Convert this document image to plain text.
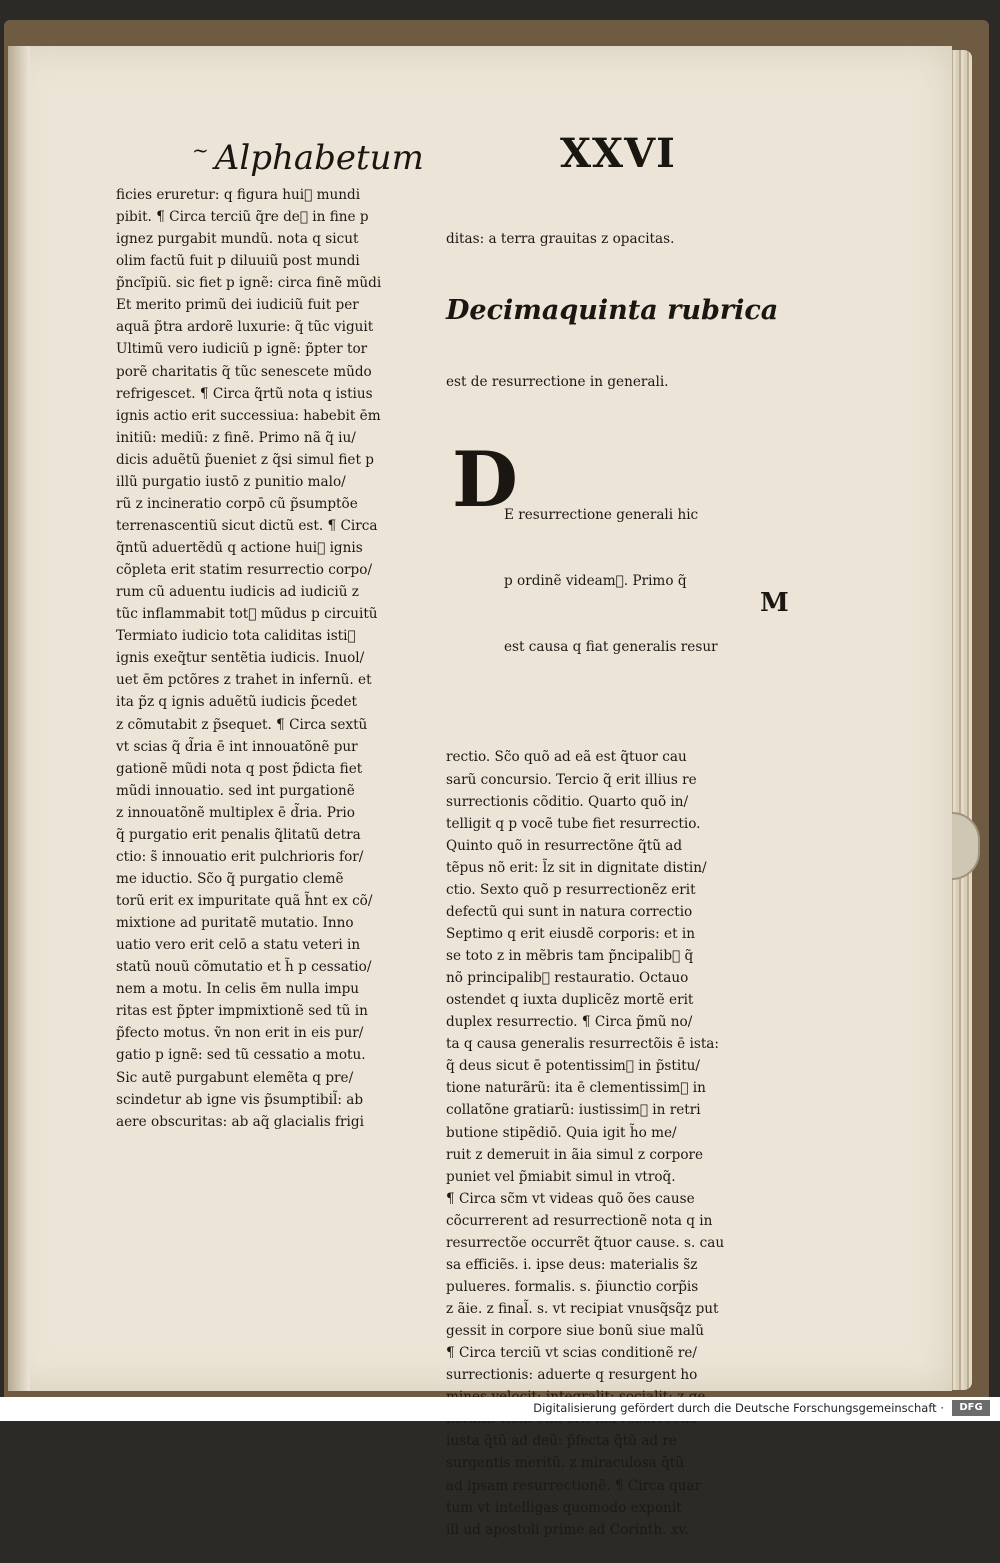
~ Alphabetum	XXVI
ficies eruretur: q figura hui᷒ mundi
pibit. ¶ Circa terciũ q̃re de᷒ in fine p
ignez purgabit mundũ. nota q sicut
olim factũ fuit p diluuiũ post mundi
p̃ncĩpiũ. sic fiet p ignẽ: circa finẽ mũdi
Et merito primũ dei iudiciũ fuit per
aquã p̃tra ardorẽ luxurie: q̃ tũc viguit
Ultimũ vero iudiciũ p ignẽ: p̃pter tor
porẽ charitatis q̃ tũc senescete mũdo
refrigescet. ¶ Circa q̃rtũ nota q istius
ignis actio erit successiua: habebit ēm
initiũ: mediũ: z finẽ. Primo nã q̃ iu/
dicis aduẽtũ p̃ueniet z q̃si simul fiet p
illũ purgatio iustō z punitio malo/
rũ z incineratio corpō cũ p̃sumptõe
terrenascentiũ sicut dictũ est. ¶ Circa
q̃ntũ aduertẽdũ q actione hui᷒ ignis
cõpleta erit statim resurrectio corpo/
rum cũ aduentu iudicis ad iudiciũ z
tũc inflammabit tot᷒ mũdus p circuitũ
Termiato iudicio tota caliditas isti᷒
ignis exeq̃tur sentẽtia iudicis. Inuol/
uet ēm pctõres z trahet in infernũ. et
ita p̃z q ignis aduẽtũ iudicis p̃cedet
z cõmutabit z p̃sequet. ¶ Circa sextũ
vt scias q̃ d̃ria ē int innouatõnẽ pur
gationẽ mũdi nota q post p̃dicta fiet
mũdi innouatio. sed int purgationẽ
z innouatõnẽ multiplex ē d̃ria. Prio
q̃ purgatio erit penalis q̃litatũ detra
ctio: s̃ innouatio erit pulchrioris for/
me iductio. Sc̃o q̃ purgatio clemẽ
torũ erit ex impuritate quã h̃nt ex cõ/
mixtione ad puritatẽ mutatio. Inno
uatio vero erit celō a statu veteri in
statũ nouũ cõmutatio et h̃ p cessatio/
nem a motu. In celis ēm nulla impu
ritas est p̃pter impmixtionẽ sed tũ in
p̃fecto motus. ṽn non erit in eis pur/
gatio p ignẽ: sed tũ cessatio a motu.
Sic autẽ purgabunt elemẽta q pre/
scindetur ab igne vis p̃sumptibil̃: ab
aere obscuritas: ab aq̃ glacialis frigi

ditas: a terra grauitas z opacitas.

Decimaquinta rubrica

est de resurrectione in generali.

D

E resurrectione generali hic

p ordinẽ videam᷒. Primo q̃

est causa q fiat generalis resur

rectio. Sc̃o quõ ad eã est q̃tuor cau
sarũ concursio. Tercio q̃ erit illius re
surrectionis cõditio. Quarto quõ in/
telligit q p vocẽ tube fiet resurrectio.
Quinto quõ in resurrectõne q̃tũ ad
tẽpus nõ erit: l̃z sit in dignitate distin/
ctio. Sexto quõ p resurrectionẽz erit
defectũ qui sunt in natura correctio
Septimo q erit eiusdẽ corporis: et in
se toto z in mẽbris tam p̃ncipalib᷒ q̃
nõ principalib᷒ restauratio. Octauo
ostendet q iuxta duplicẽz mortẽ erit
duplex resurrectio. ¶ Circa p̃mũ no/
ta q causa generalis resurrectõis ē ista:
q̃ deus sicut ē potentissim᷒ in p̃stitu/
tione naturãrũ: ita ē clementissim᷒ in
collatõne gratiarũ: iustissim᷒ in retri
butione stipẽdiō. Quia igit h̃o me/
ruit z demeruit in ãia simul z corpore
puniet vel p̃miabit simul in vtroq̃.
¶ Circa sc̃m vt videas quõ ões cause
cõcurrerent ad resurrectionẽ nota q in
resurrectõe occurrẽt q̃tuor cause. s. cau
sa efficiẽs. i. ipse deus: materialis s̃z
pulueres. formalis. s. p̃iunctio corp̃is
z ãie. z final̃. s. vt recipiat vnusq̃sq̃z put
gessit in corpore siue bonũ siue malũ
¶ Circa terciũ vt scias conditionẽ re/
surrectionis: aduerte q resurgent ho
iusta q̃tũ ad deũ: p̃fecta q̃tũ ad re
surgentis meritũ. z miraculosa q̃tũ
ad ipsam resurrectionẽ. ¶ Circa quar
tum vt intelligas quomodo exponit
ill ud apostoli prime ad Corinth. xv.

M
Digitalisierung gefördert durch die Deutsche Forschungsgemeinschaft ·	DFG
